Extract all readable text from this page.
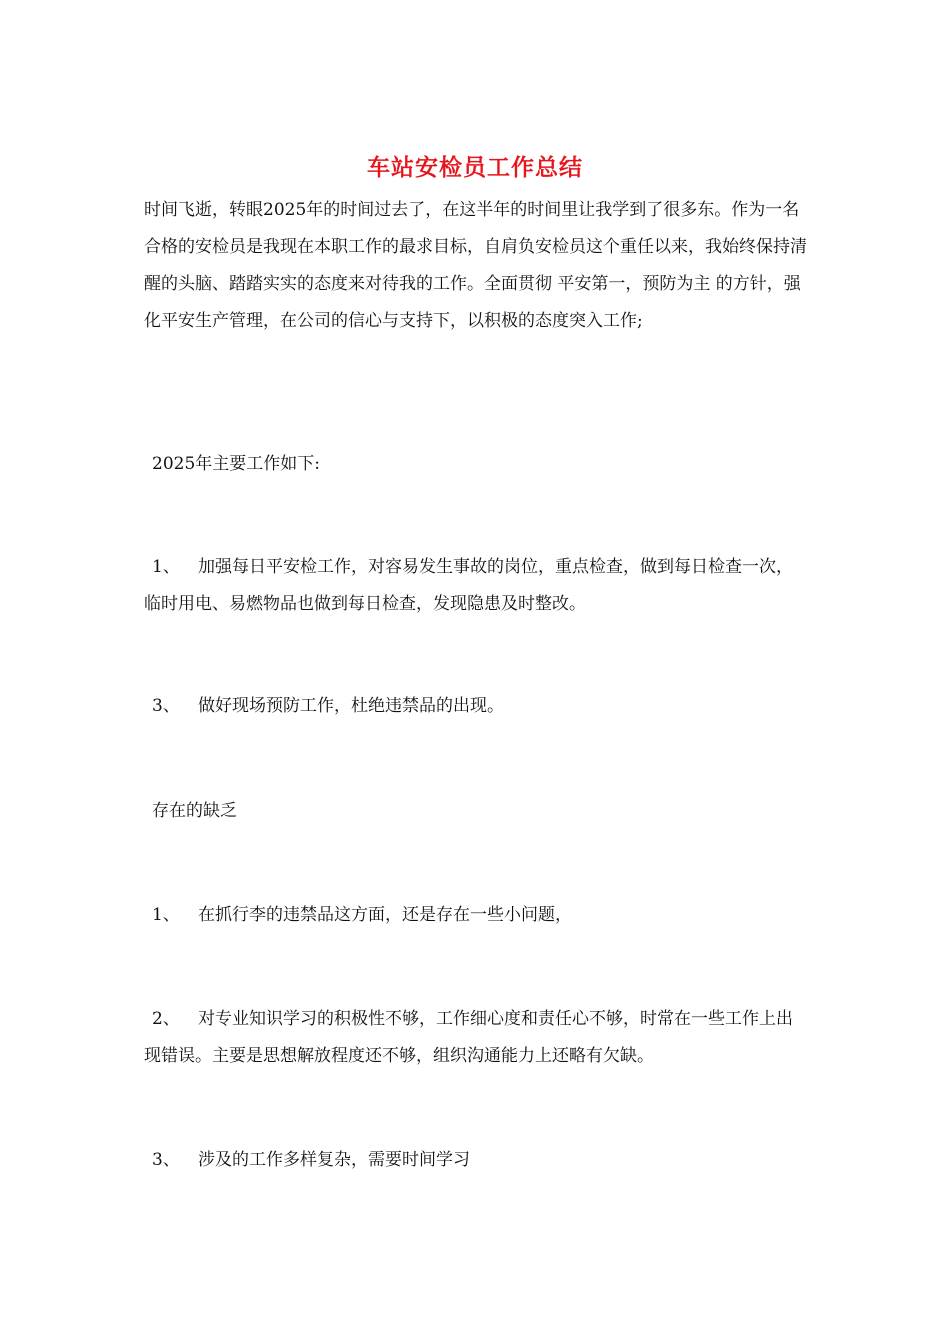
车站安检员工作总结

时间飞逝，转眼2025年的时间过去了，在这半年的时间里让我学到了很多东。作为一名合格的安检员是我现在本职工作的最求目标，自肩负安检员这个重任以来，我始终保持清醒的头脑、踏踏实实的态度来对待我的工作。全面贯彻 平安第一，预防为主 的方针，强化平安生产管理，在公司的信心与支持下，以积极的态度突入工作;

2025年主要工作如下:

1、 加强每日平安检工作，对容易发生事故的岗位，重点检查，做到每日检查一次，临时用电、易燃物品也做到每日检查，发现隐患及时整改。

3、 做好现场预防工作，杜绝违禁品的出现。

存在的缺乏

1、 在抓行李的违禁品这方面，还是存在一些小问题，

2、 对专业知识学习的积极性不够，工作细心度和责任心不够，时常在一些工作上出现错误。主要是思想解放程度还不够，组织沟通能力上还略有欠缺。

3、 涉及的工作多样复杂，需要时间学习
